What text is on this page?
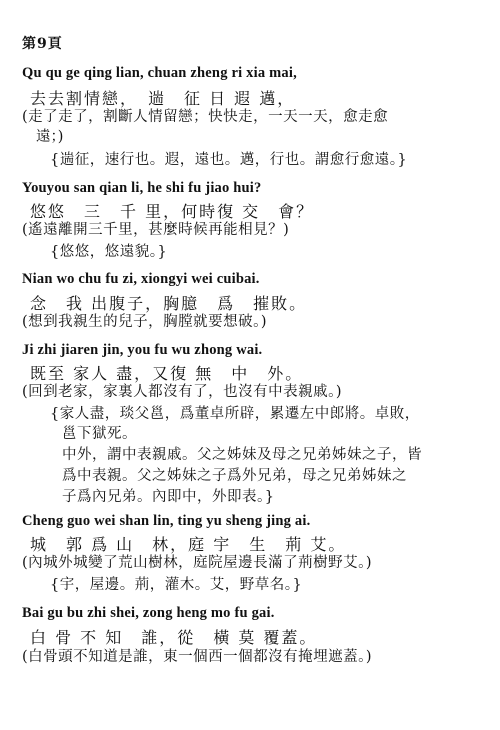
第9頁
Qu qu ge qing lian, chuan zheng ri xia mai,
去去割情戀，　遄　征 日 遐 邁，
(走了走了，割斷人情留戀；快快走，一天一天，愈走愈
遠；)
{遄征，速行也。遐，遠也。邁，行也。謂愈行愈遠。}
Youyou san qian li, he shi fu jiao hui?
悠悠　三　千 里，何時復 交　會？
(遙遠離開三千里，甚麼時候再能相見？)
{悠悠，悠遠貌。}
Nian wo chu fu zi, xiongyi wei cuibai.
念　我 出腹子，胸臆　爲　摧敗。
(想到我親生的兒子，胸膛就要想破。)
Ji zhi jiaren jin, you fu wu zhong wai.
既至 家人 盡，又復 無　中　外。
(回到老家，家裏人都沒有了，也沒有中表親戚。)
{家人盡，琰父邕，爲董卓所辟，累遷左中郎將。卓敗，
邕下獄死。
中外，謂中表親戚。父之姊妹及母之兄弟姊妹之子，皆
爲中表親。父之姊妹之子爲外兄弟，母之兄弟姊妹之
子爲內兄弟。內即中，外即表。}
Cheng guo wei shan lin, ting yu sheng jing ai.
城　郭 爲 山　林，庭 宇　生　荊 艾。
(內城外城變了荒山樹林，庭院屋邊長滿了荊樹野艾。)
{宇，屋邊。荊，灌木。艾，野草名。}
Bai gu bu zhi shei, zong heng mo fu gai.
白 骨 不 知　誰，從　橫 莫 覆蓋。
(白骨頭不知道是誰，東一個西一個都沒有掩埋遮蓋。)
